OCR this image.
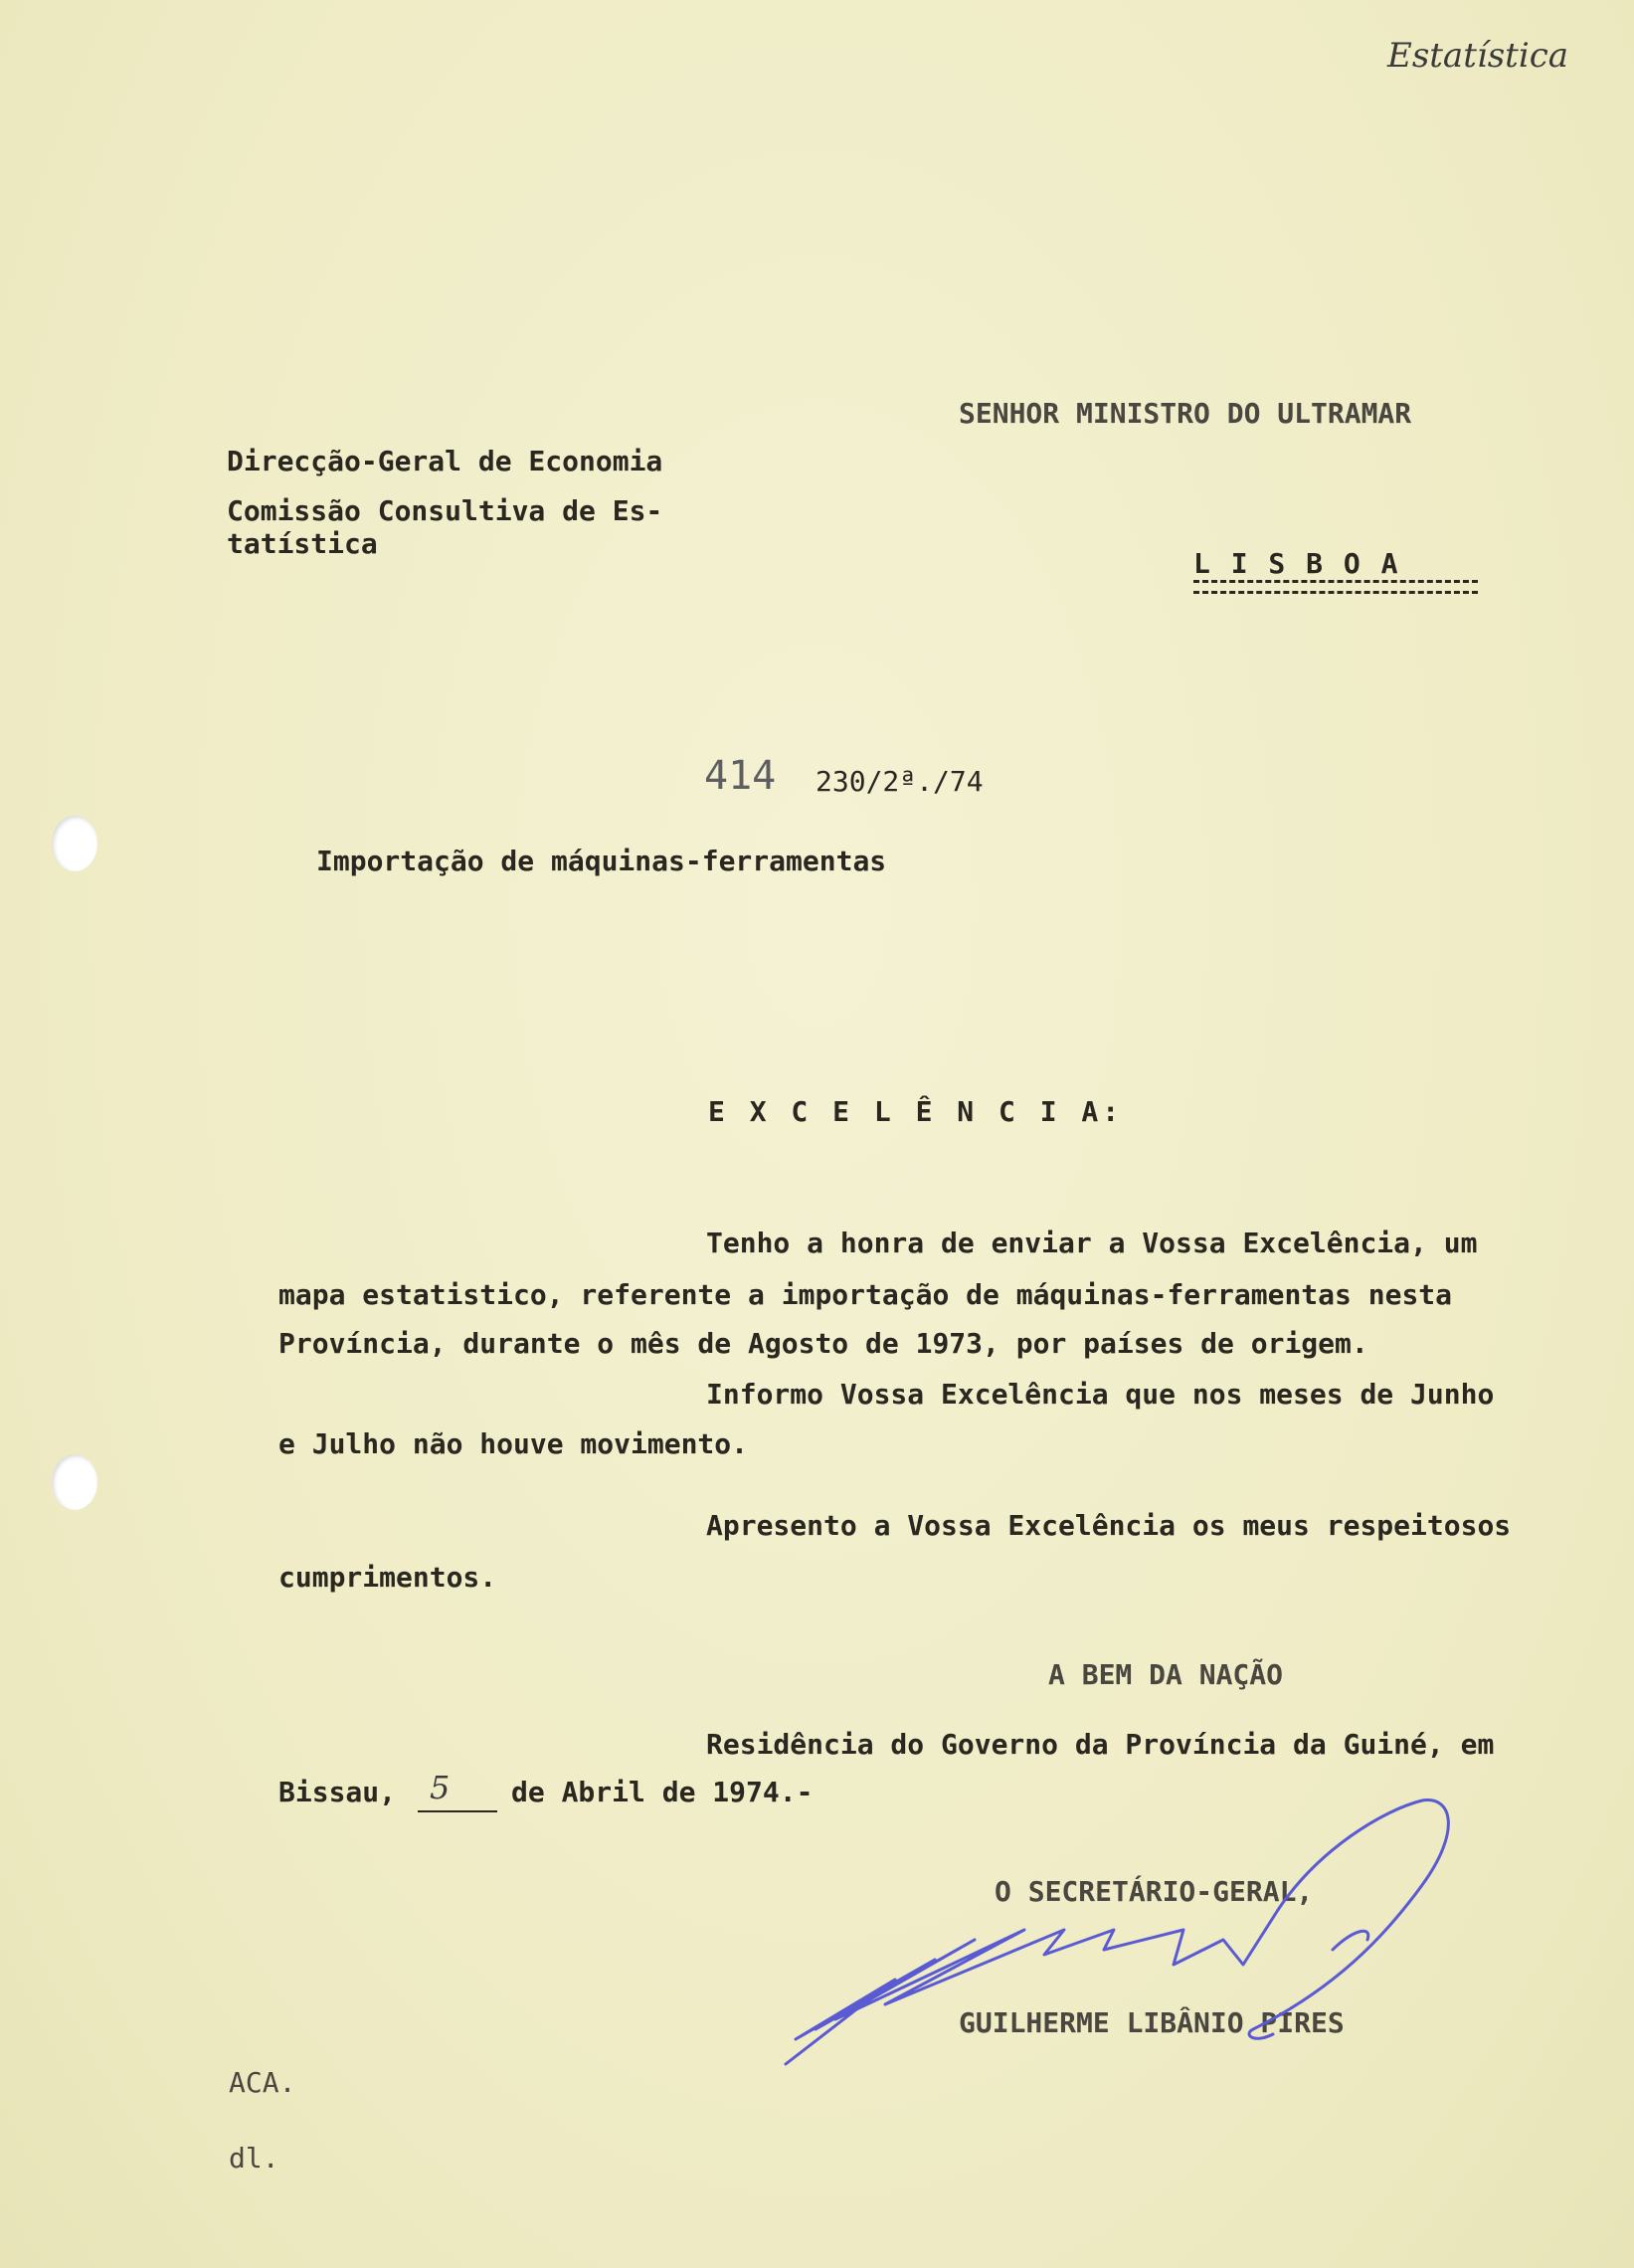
Estatística
SENHOR MINISTRO DO ULTRAMAR
Direcção-Geral de Economia
Comissão Consultiva de Es-
tatística
L I S B O A
414 230/2ª./74
Importação de máquinas-ferramentas
E X C E L Ê N C I A:
Tenho a honra de enviar a Vossa Excelência, um
mapa estatistico, referente a importação de máquinas-ferramentas nesta
Província, durante o mês de Agosto de 1973, por países de origem.
Informo Vossa Excelência que nos meses de Junho
e Julho não houve movimento.
Apresento a Vossa Excelência os meus respeitosos
cumprimentos.
A BEM DA NAÇÃO
Residência do Governo da Província da Guiné, em
Bissau, 5 de Abril de 1974.-
O SECRETÁRIO-GERAL,
GUILHERME LIBÂNIO PIRES
ACA.
dl.
